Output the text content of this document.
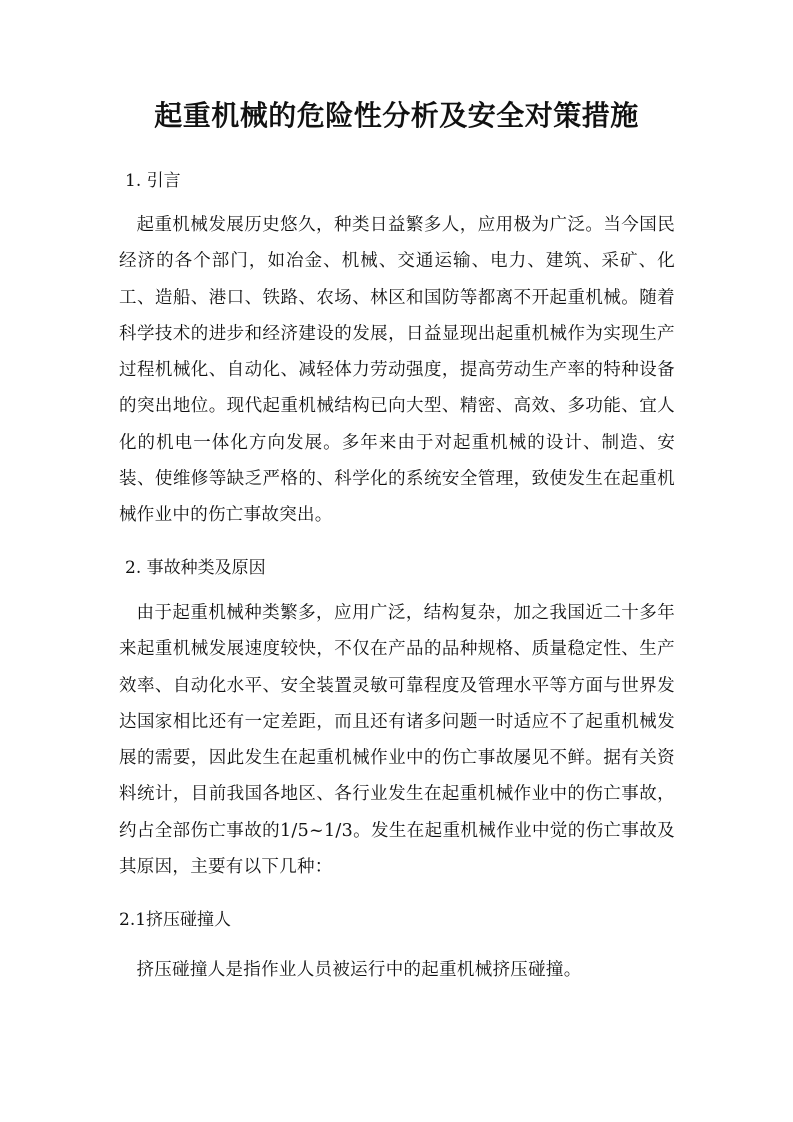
起重机械的危险性分析及安全对策措施
1. 引言

起重机械发展历史悠久，种类日益繁多人，应用极为广泛。当今国民经济的各个部门，如冶金、机械、交通运输、电力、建筑、采矿、化工、造船、港口、铁路、农场、林区和国防等都离不开起重机械。随着科学技术的进步和经济建设的发展，日益显现出起重机械作为实现生产过程机械化、自动化、减轻体力劳动强度，提高劳动生产率的特种设备的突出地位。现代起重机械结构已向大型、精密、高效、多功能、宜人化的机电一体化方向发展。多年来由于对起重机械的设计、制造、安装、使维修等缺乏严格的、科学化的系统安全管理，致使发生在起重机械作业中的伤亡事故突出。

2. 事故种类及原因

由于起重机械种类繁多，应用广泛，结构复杂，加之我国近二十多年来起重机械发展速度较快，不仅在产品的品种规格、质量稳定性、生产效率、自动化水平、安全装置灵敏可靠程度及管理水平等方面与世界发达国家相比还有一定差距，而且还有诸多问题一时适应不了起重机械发展的需要，因此发生在起重机械作业中的伤亡事故屡见不鲜。据有关资料统计，目前我国各地区、各行业发生在起重机械作业中的伤亡事故，约占全部伤亡事故的1/5~1/3。发生在起重机械作业中觉的伤亡事故及其原因，主要有以下几种：

2.1挤压碰撞人

挤压碰撞人是指作业人员被运行中的起重机械挤压碰撞。
